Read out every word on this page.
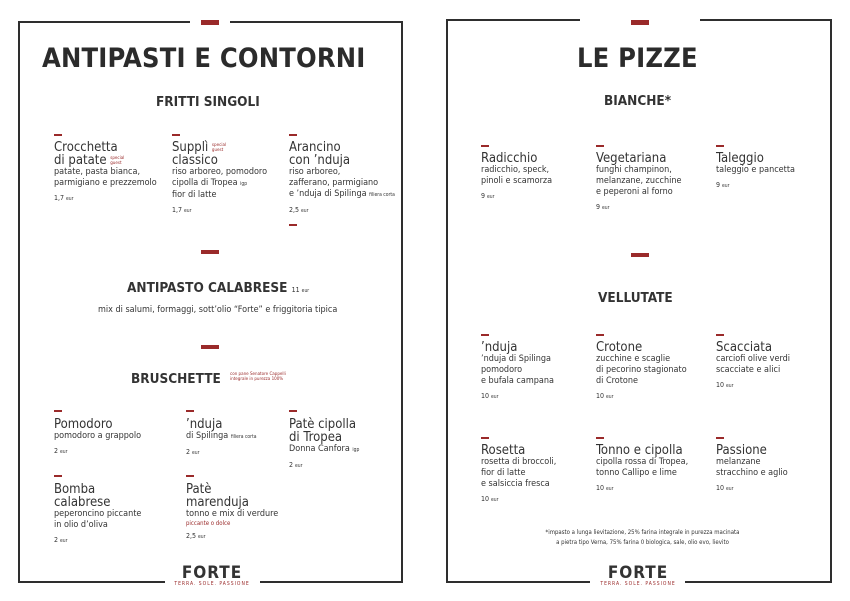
ANTIPASTI E CONTORNI
FRITTI SINGOLI
Crocchetta
di patate special guest
patate, pasta bianca,
parmigiano e prezzemolo
1,7 eur
Supplì special guest
classico
riso arboreo, pomodoro
cipolla di Tropea igp
fior di latte
1,7 eur
Arancino
con ’nduja
riso arboreo,
zafferano, parmigiano
e ’nduja di Spilinga filiera corta
2,5 eur
ANTIPASTO CALABRESE 11 eur
mix di salumi, formaggi, sott’olio “Forte” e friggitoria tipica
BRUSCHETTE con pane Senatore Cappelli
integrale in purezza 100%
Pomodoro
pomodoro a grappolo
2 eur
’nduja
di Spilinga filiera corta
2 eur
Patè cipolla
di Tropea
Donna Canfora igp
2 eur
Bomba
calabrese
peperoncino piccante
in olio d’oliva
2 eur
Patè
marenduja
tonno e mix di verdure
piccante o dolce
2,5 eur
FORTE
TERRA. SOLE. PASSIONE
LE PIZZE
BIANCHE*
Radicchio
radicchio, speck,
pinoli e scamorza
9 eur
Vegetariana
funghi champinon,
melanzane, zucchine
e peperoni al forno
9 eur
Taleggio
taleggio e pancetta
9 eur
VELLUTATE
’nduja
’nduja di Spilinga
pomodoro
e bufala campana
10 eur
Crotone
zucchine e scaglie
di pecorino stagionato
di Crotone
10 eur
Scacciata
carciofi olive verdi
scacciate e alici
10 eur
Rosetta
rosetta di broccoli,
fior di latte
e salsiccia fresca
10 eur
Tonno e cipolla
cipolla rossa di Tropea,
tonno Callipo e lime
10 eur
Passione
melanzane
stracchino e aglio
10 eur
*impasto a lunga lievitazione, 25% farina integrale in purezza macinata
a pietra tipo Verna, 75% farina 0 biologica, sale, olio evo, lievito
FORTE
TERRA. SOLE. PASSIONE
